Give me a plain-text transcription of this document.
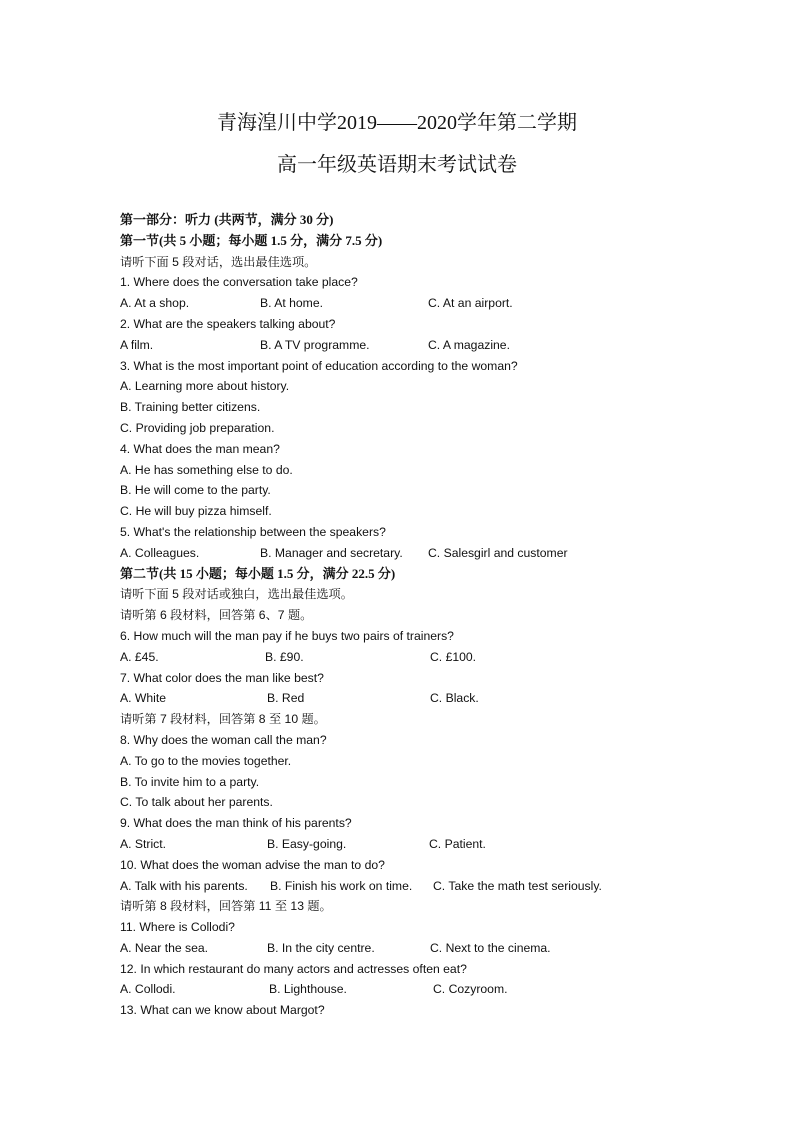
青海湟川中学2019——2020学年第二学期
高一年级英语期末考试试卷
第一部分：听力 (共两节，满分 30 分)
第一节(共 5 小题；每小题 1.5 分，满分 7.5 分)
请听下面 5 段对话，选出最佳选项。
1. Where does the conversation take place?
A. At a shop.	B. At home.	C. At an airport.
2. What are the speakers talking about?
A film.	B. A TV programme.	C. A magazine.
3. What is the most important point of education according to the woman?
A. Learning more about history.
B. Training better citizens.
C. Providing job preparation.
4. What does the man mean?
A. He has something else to do.
B. He will come to the party.
C. He will buy pizza himself.
5. What's the relationship between the speakers?
A. Colleagues.	B. Manager and secretary. C. Salesgirl and customer
第二节(共 15 小题；每小题 1.5 分，满分 22.5 分)
请听下面 5 段对话或独白，选出最佳选项。
请听第 6 段材料，回答第 6、7 题。
6. How much will the man pay if he buys two pairs of trainers?
A. £45.	B. £90.	C. £100.
7. What color does the man like best?
A. White	B. Red	C. Black.
请听第 7 段材料，回答第 8 至 10 题。
8. Why does the woman call the man?
A. To go to the movies together.
B. To invite him to a party.
C. To talk about her parents.
9. What does the man think of his parents?
A. Strict.	B. Easy-going.	C. Patient.
10. What does the woman advise the man to do?
A. Talk with his parents. B. Finish his work on time. C. Take the math test seriously.
请听第 8 段材料，回答第 11 至 13 题。
11. Where is Collodi?
A. Near the sea.	B. In the city centre.	C. Next to the cinema.
12. In which restaurant do many actors and actresses often eat?
A. Collodi.	B. Lighthouse.	C. Cozyroom.
13. What can we know about Margot?
